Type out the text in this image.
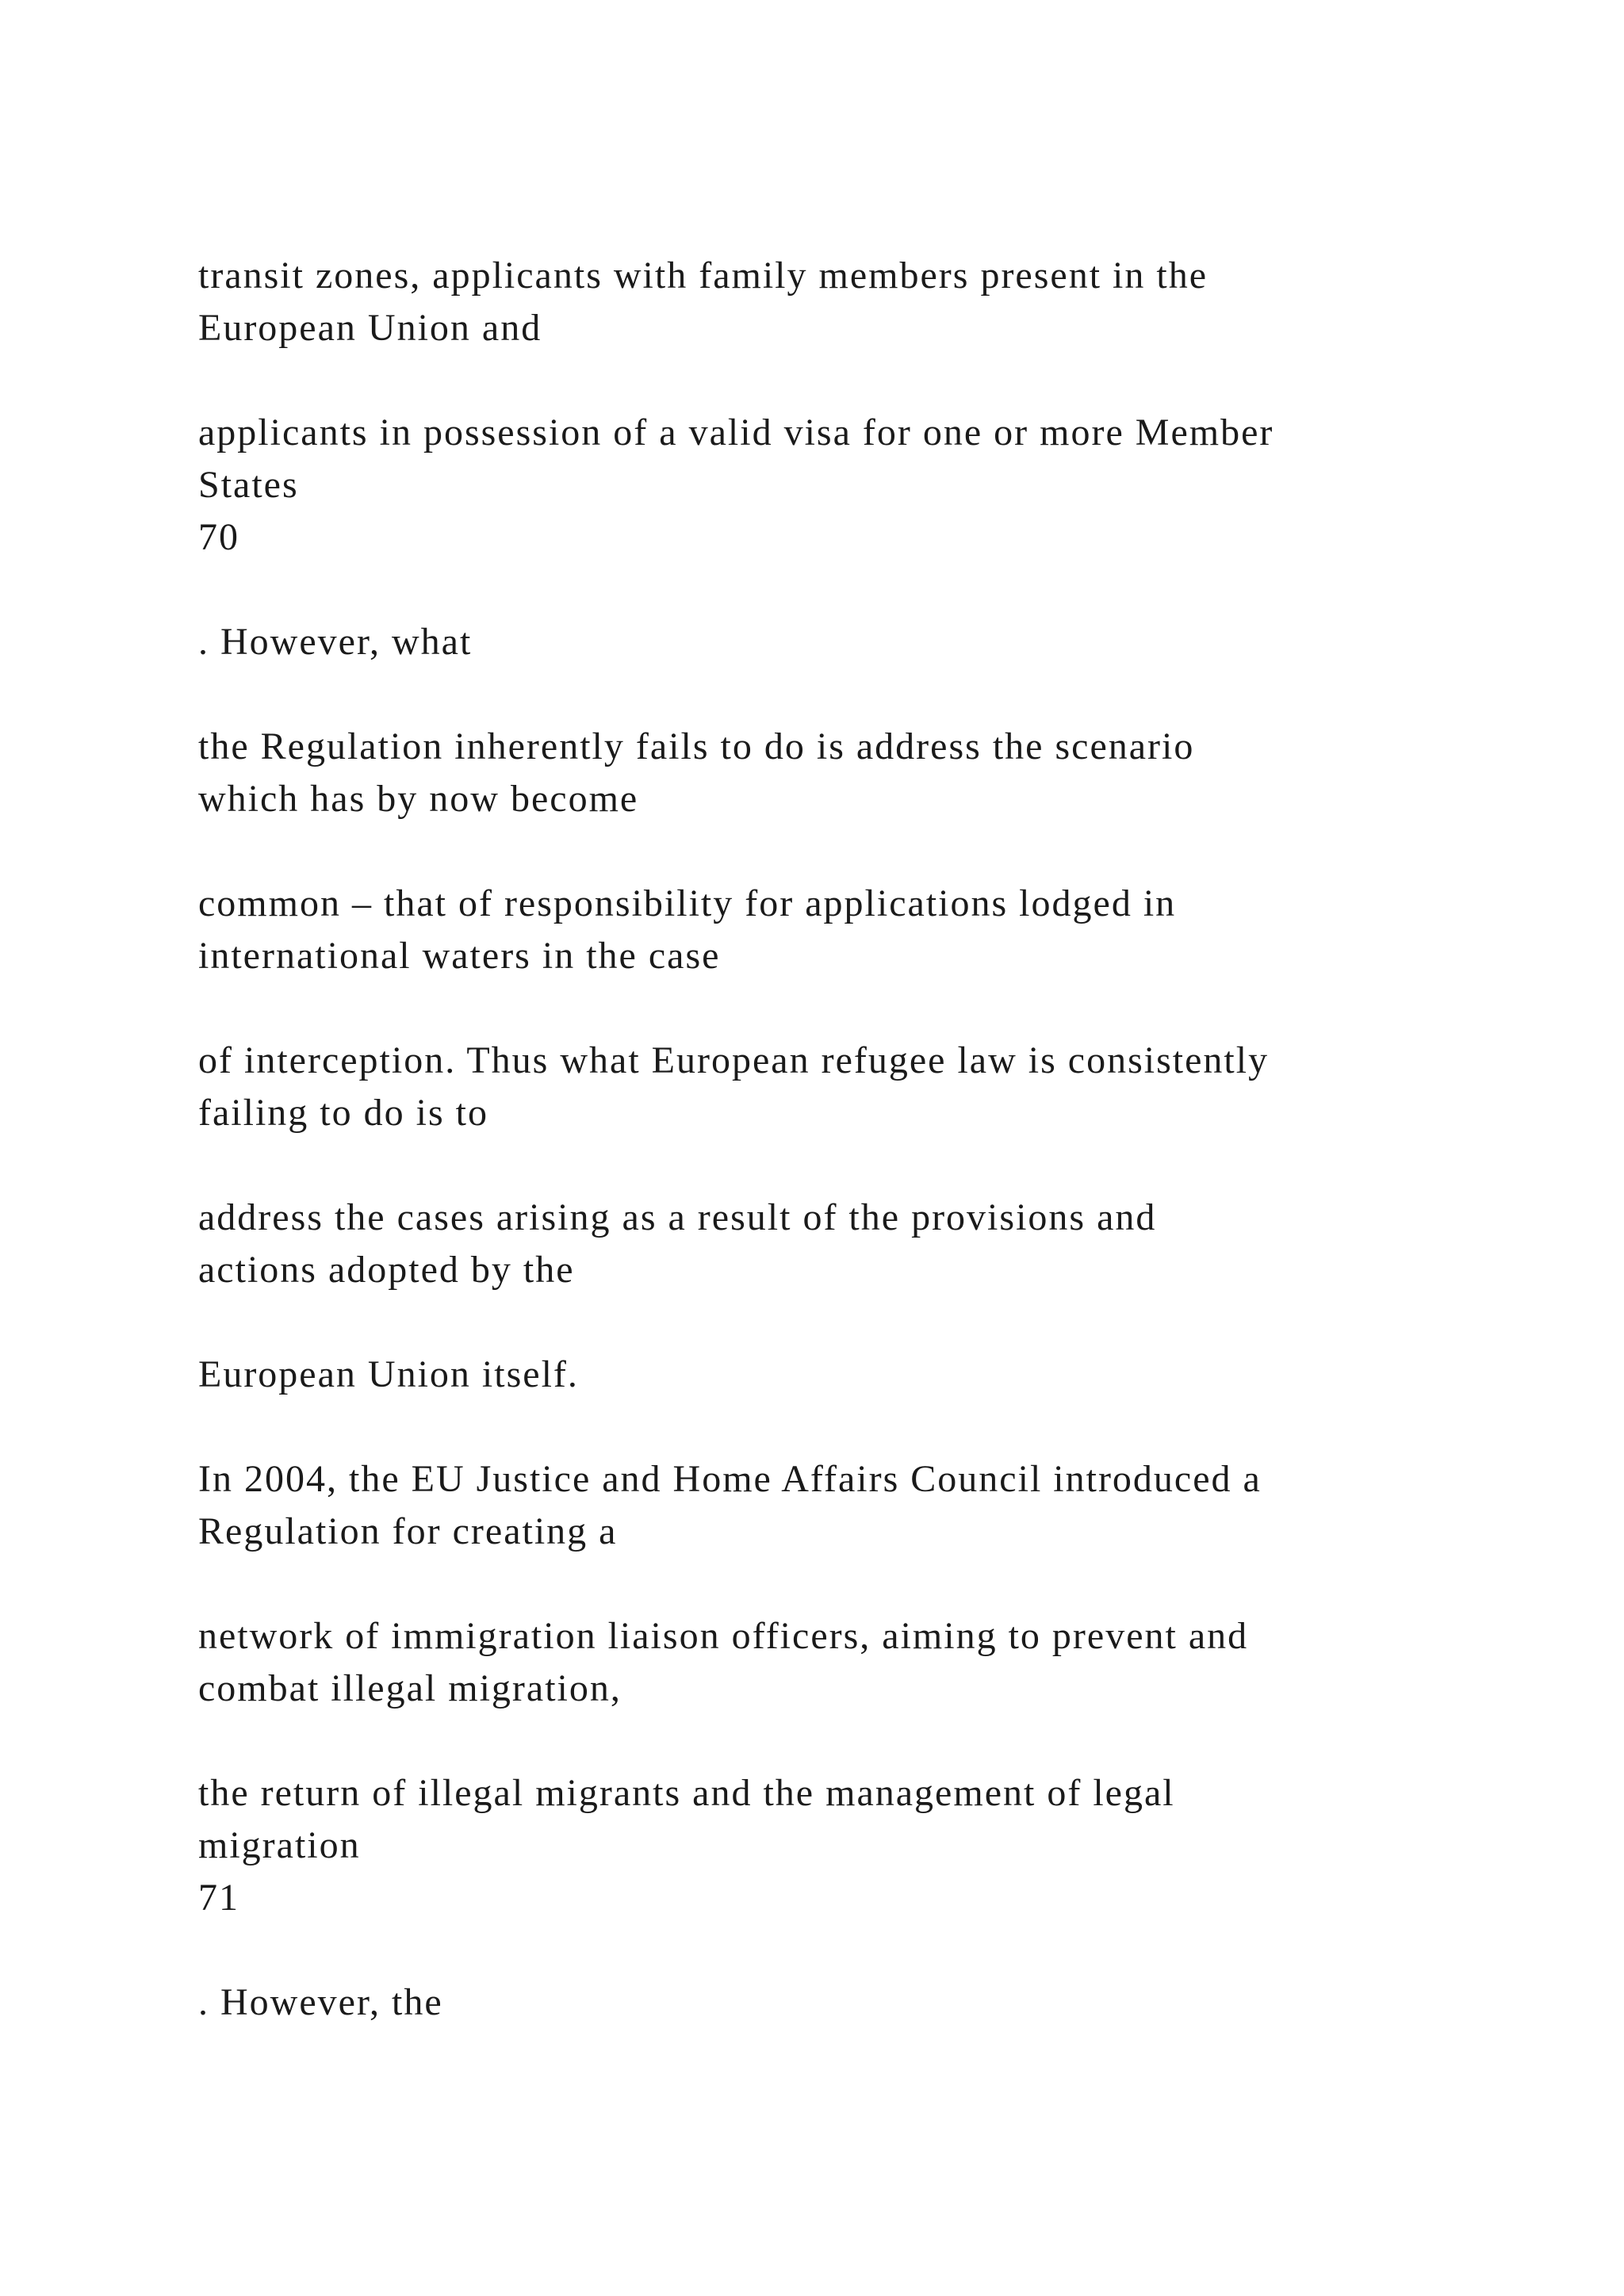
transit zones, applicants with family members present in the

European Union and

applicants in possession of a valid visa for one or more Member

States

70

. However, what

the Regulation inherently fails to do is address the scenario

which has by now become

common – that of responsibility for applications lodged in

international waters in the case

of interception. Thus what European refugee law is consistently

failing to do is to

address the cases arising as a result of the provisions and

actions adopted by the

European Union itself.

In 2004, the EU Justice and Home Affairs Council introduced a

Regulation for creating a

network of immigration liaison officers, aiming to prevent and

combat illegal migration,

the return of illegal migrants and the management of legal

migration

71

. However, the
